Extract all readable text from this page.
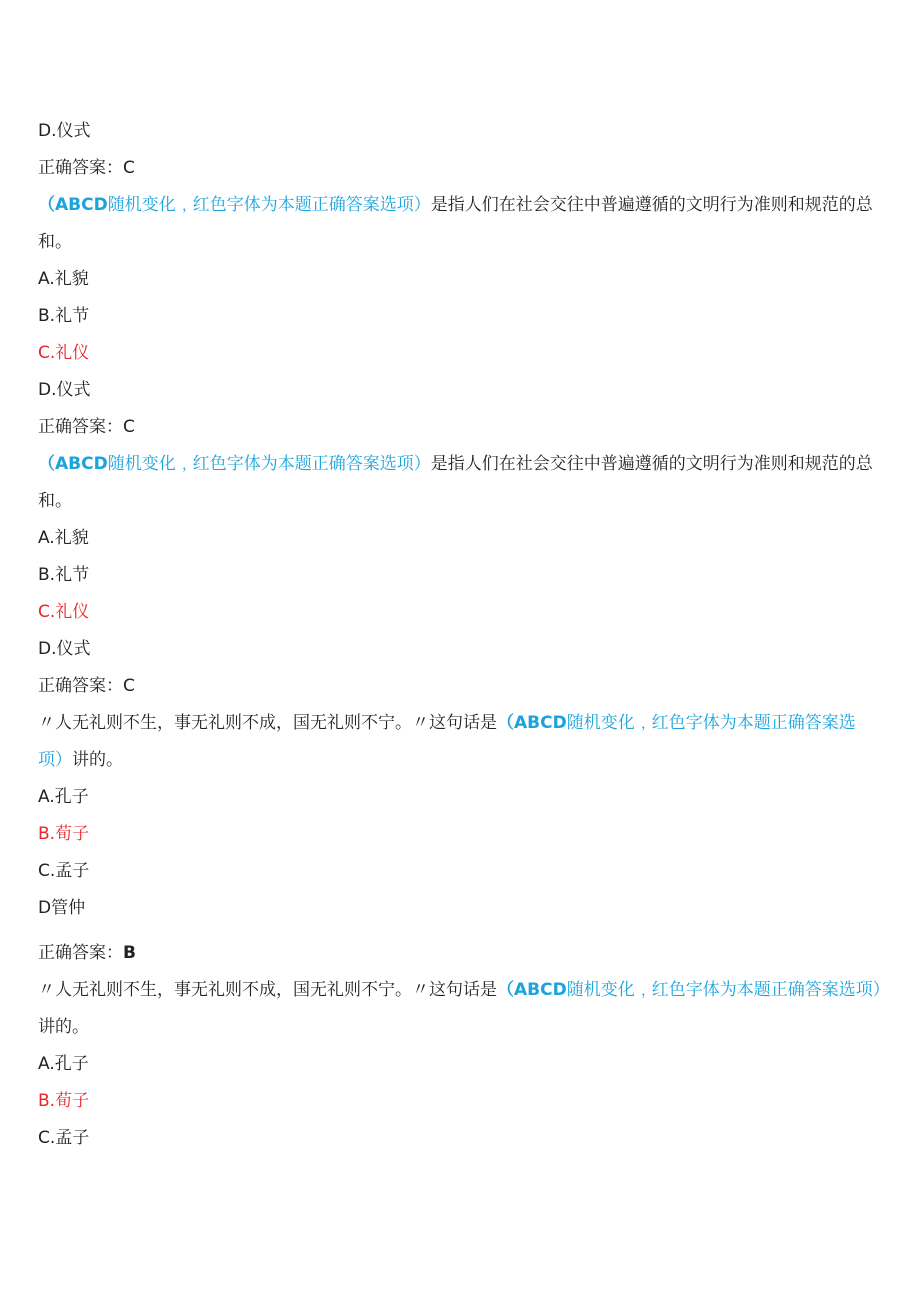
D.仪式
正确答案：C
（ABCD随机变化﹐红色字体为本题正确答案选项）是指人们在社会交往中普遍遵循的文明行为准则和规范的总
和。
A.礼貌
B.礼节
C.礼仪
D.仪式
正确答案：C
（ABCD随机变化﹐红色字体为本题正确答案选项）是指人们在社会交往中普遍遵循的文明行为准则和规范的总
和。
A.礼貌
B.礼节
C.礼仪
D.仪式
正确答案：C
〃人无礼则不生，事无礼则不成，国无礼则不宁。〃这句话是（ABCD随机变化﹐红色字体为本题正确答案选
项）讲的。
A.孔子
B.荀子
C.孟子
D管仲
正确答案：B
〃人无礼则不生，事无礼则不成，国无礼则不宁。〃这句话是（ABCD随机变化﹐红色字体为本题正确答案选项）
讲的。
A.孔子
B.荀子
C.孟子
